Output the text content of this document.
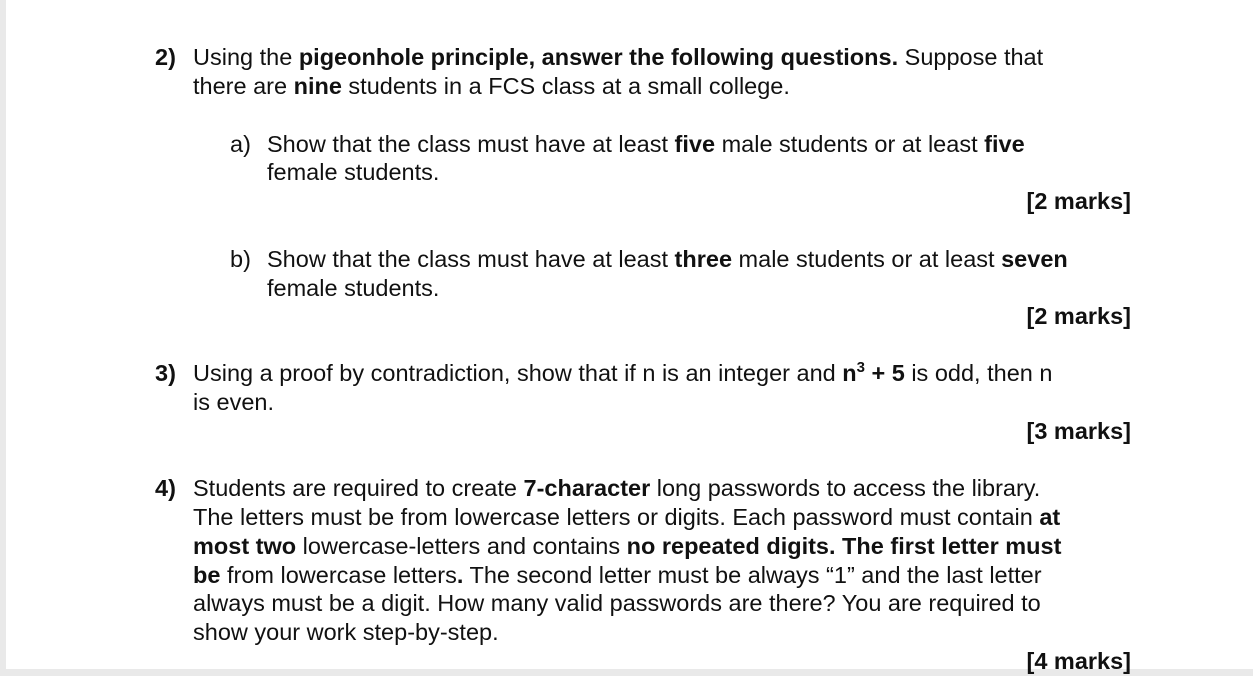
2) Using the pigeonhole principle, answer the following questions. Suppose that
there are nine students in a FCS class at a small college.
a) Show that the class must have at least five male students or at least five
female students.
b) Show that the class must have at least three male students or at least seven
female students.
3) Using a proof by contradiction, show that if n is an integer and $n^3 + 5$ is odd, then n
is even.
4) Students are required to create 7-character long passwords to access the library.
The letters must be from lowercase letters or digits. Each password must contain at
most two lowercase-letters and contains no repeated digits. The first letter must
be from lowercase letters. The second letter must be always “1” and the last letter
always must be a digit. How many valid passwords are there? You are required to
show your work step-by-step.
[2 marks]
[2 marks]
[3 marks]
[4 marks]
